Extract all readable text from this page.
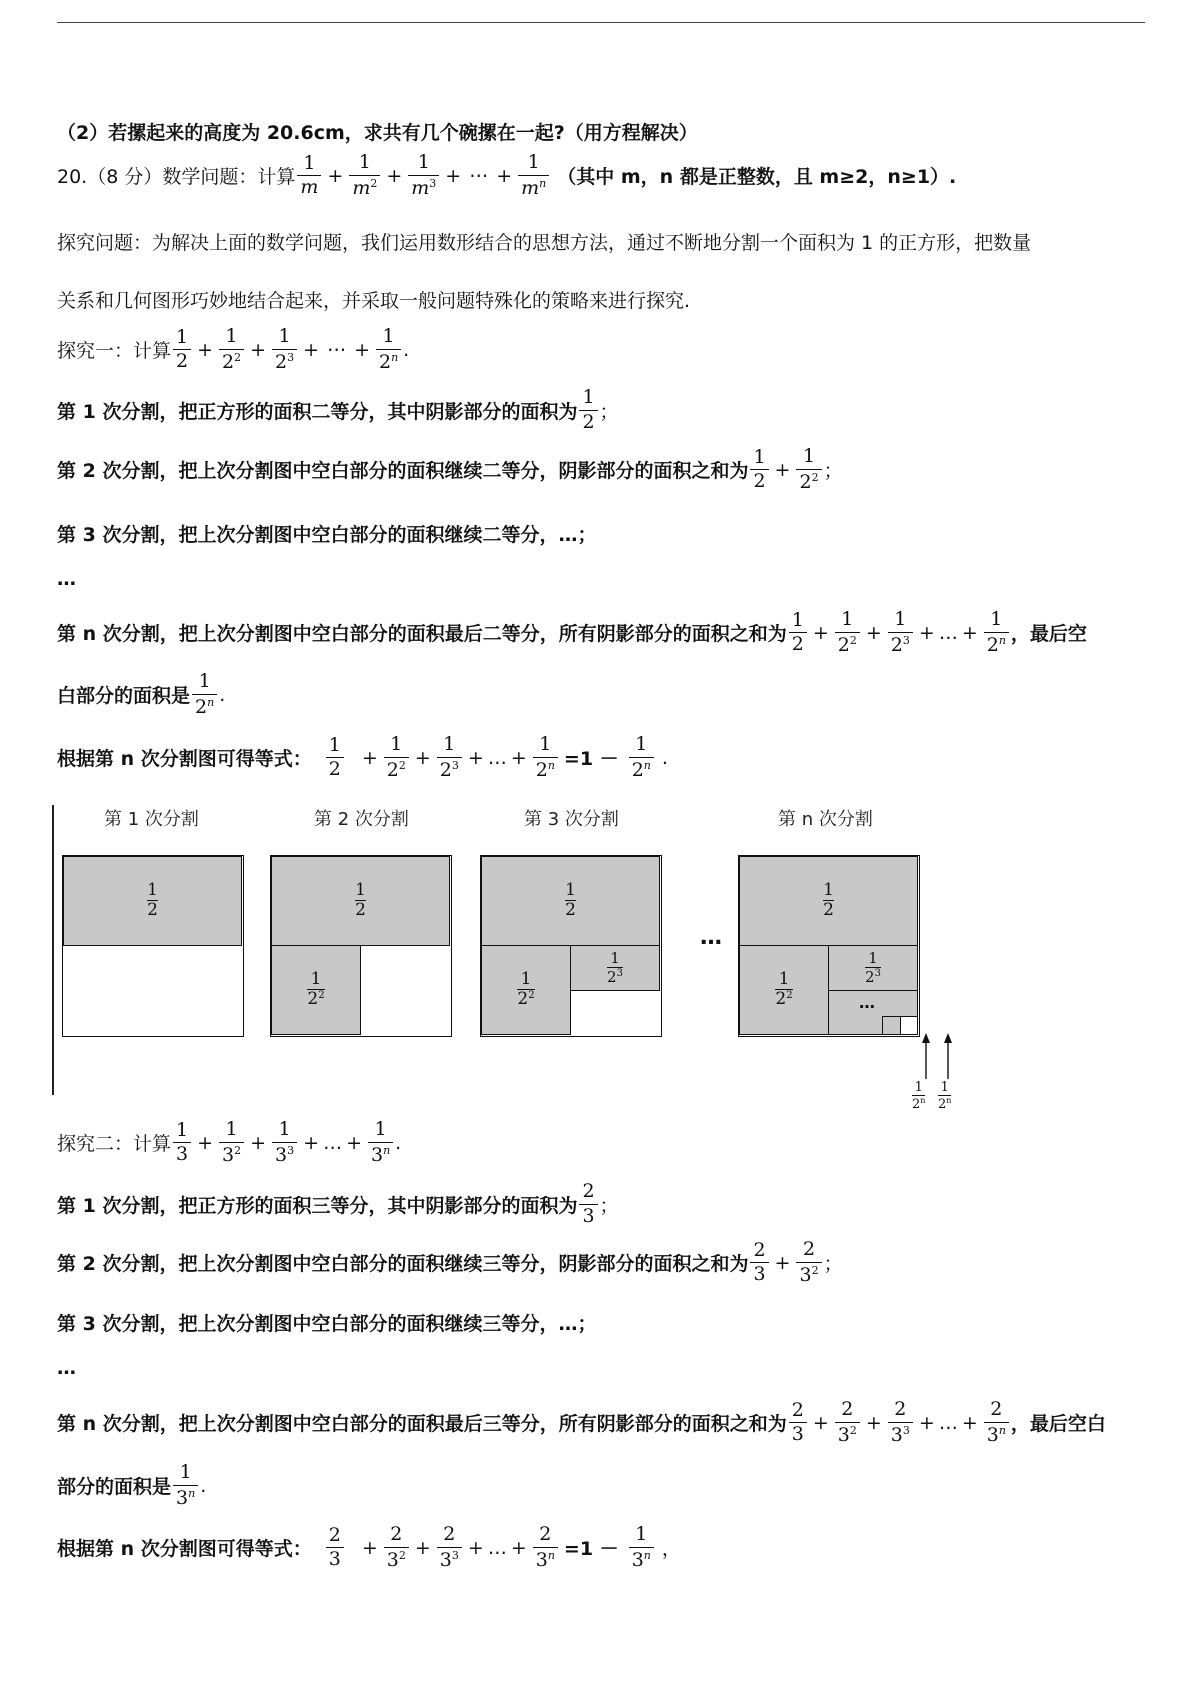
（2）若摞起来的高度为 20.6cm，求共有几个碗摞在一起?（用方程解决）
20.（8 分）数学问题：计算 $\frac{1}{m} + \frac{1}{m^2} + \frac{1}{m^3}$ + ⋯ + $\frac{1}{m^n}$ （其中 m，n 都是正整数，且 m≥2，n≥1）.
探究问题：为解决上面的数学问题，我们运用数形结合的思想方法，通过不断地分割一个面积为 1 的正方形，把数量
关系和几何图形巧妙地结合起来，并采取一般问题特殊化的策略来进行探究.
探究一：计算 $\frac{1}{2} + \frac{1}{2^2} + \frac{1}{2^3}$ + ⋯ + $\frac{1}{2^n}$ .
第 1 次分割，把正方形的面积二等分，其中阴影部分的面积为 $\frac{1}{2}$ ；
第 2 次分割，把上次分割图中空白部分的面积继续二等分，阴影部分的面积之和为 $\frac{1}{2} + \frac{1}{2^2}$ ；
第 3 次分割，把上次分割图中空白部分的面积继续二等分，…；
…
第 n 次分割，把上次分割图中空白部分的面积最后二等分，所有阴影部分的面积之和为 $\frac{1}{2} + \frac{1}{2^2} + \frac{1}{2^3}$ + … + $\frac{1}{2^n}$ ，最后空
白部分的面积是 $\frac{1}{2^n}$ .
根据第 n 次分割图可得等式： $\frac{1}{2} + \frac{1}{2^2} + \frac{1}{2^3}$ + … + $\frac{1}{2^n} =1 - \frac{1}{2^n}$ .
第 1 次分割	第 2 次分割	第 3 次分割	第 n 次分割
1
2
1
2
1
$2^2$
1
2
1
$2^2$
1
$2^3$
…
1
2
1
$2^2$
1
$2^3$
…
1
2$^n$
1
2$^n$
探究二：计算 $\frac{1}{3} + \frac{1}{3^2} + \frac{1}{3^3}$ + … + $\frac{1}{3^n}$ .
第 1 次分割，把正方形的面积三等分，其中阴影部分的面积为 $\frac{2}{3}$ ；
第 2 次分割，把上次分割图中空白部分的面积继续三等分，阴影部分的面积之和为 $\frac{2}{3} + \frac{2}{3^2}$ ；
第 3 次分割，把上次分割图中空白部分的面积继续三等分，…；
…
第 n 次分割，把上次分割图中空白部分的面积最后三等分，所有阴影部分的面积之和为 $\frac{2}{3} + \frac{2}{3^2} + \frac{2}{3^3}$ + … + $\frac{2}{3^n}$ ，最后空白
部分的面积是 $\frac{1}{3^n}$ .
根据第 n 次分割图可得等式： $\frac{2}{3} + \frac{2}{3^2} + \frac{2}{3^3}$ + … + $\frac{2}{3^n} =1 - \frac{1}{3^n}$ ，
